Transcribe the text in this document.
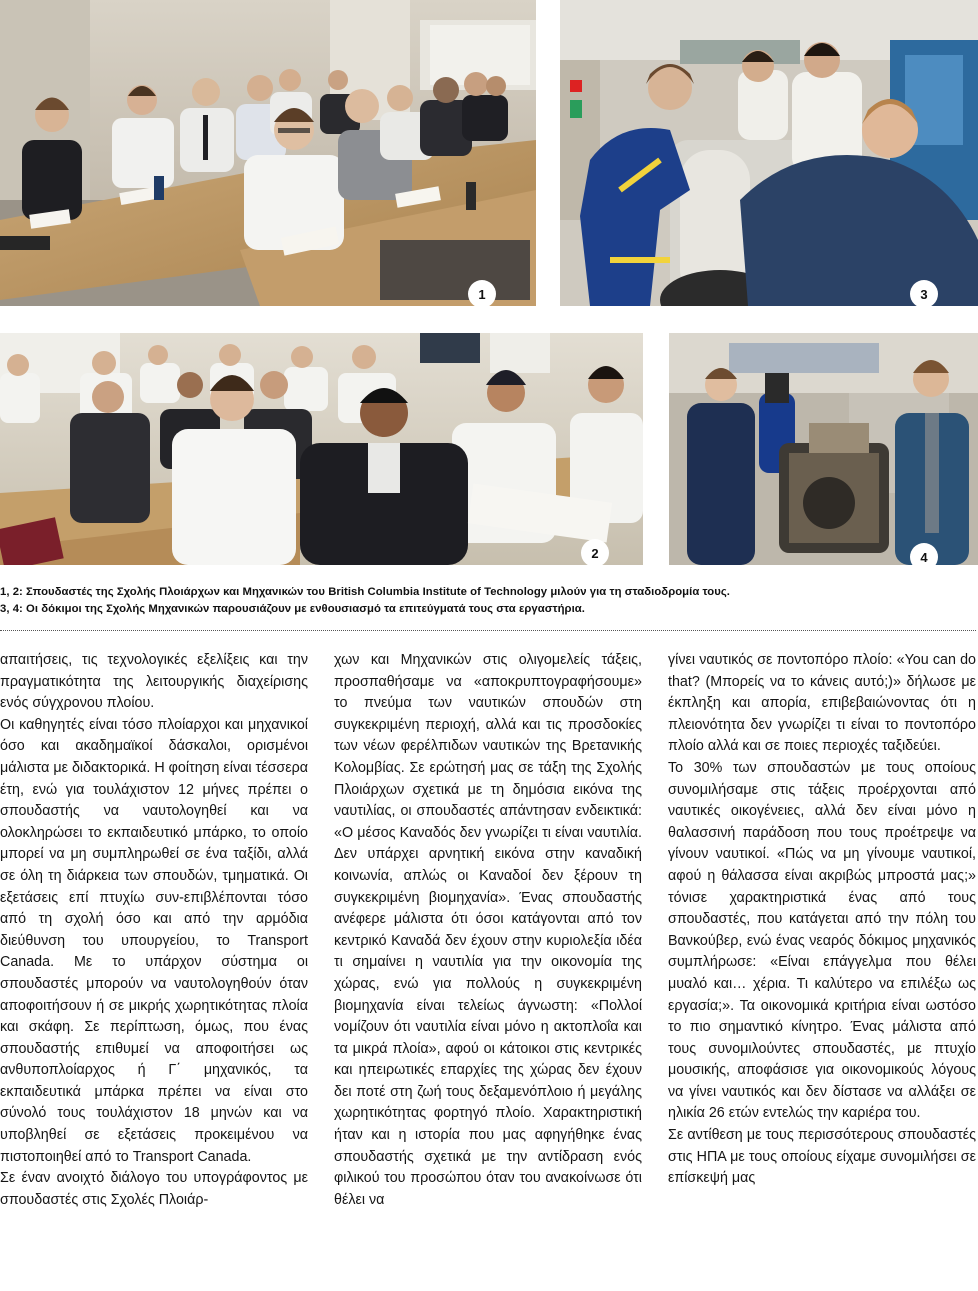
1	3
2	4
1, 2: Σπουδαστές της Σχολής Πλοιάρχων και Μηχανικών του British Columbia Institute of Technology μιλούν για τη σταδιοδρομία τους.
3, 4: Οι δόκιμοι της Σχολής Μηχανικών παρουσιάζουν με ενθουσιασμό τα επιτεύγματά τους στα εργαστήρια.

απαιτήσεις, τις τεχνολογικές εξελίξεις και την πραγματικότητα της λειτουργικής διαχείρισης ενός σύγχρονου πλοίου.

Οι καθηγητές είναι τόσο πλοίαρχοι και μηχανικοί όσο και ακαδημαϊκοί δάσκαλοι, ορισμένοι μάλιστα με διδακτορικά. Η φοίτηση είναι τέσσερα έτη, ενώ για τουλάχιστον 12 μήνες πρέπει ο σπουδαστής να ναυτολογηθεί και να ολοκληρώσει το εκπαιδευτικό μπάρκο, το οποίο μπορεί να μη συμπληρωθεί σε ένα ταξίδι, αλλά σε όλη τη διάρκεια των σπουδών, τμηματικά. Οι εξετάσεις επί πτυχίω συν-επιβλέπονται τόσο από τη σχολή όσο και από την αρμόδια διεύθυνση του υπουργείου, το Transport Canada. Με το υπάρχον σύστημα οι σπουδαστές μπορούν να ναυτολογηθούν όταν αποφοιτήσουν ή σε μικρής χωρητικότητας πλοία και σκάφη. Σε περίπτωση, όμως, που ένας σπουδαστής επιθυμεί να αποφοιτήσει ως ανθυποπλοίαρχος ή Γ΄ μηχανικός, τα εκπαιδευτικά μπάρκα πρέπει να είναι στο σύνολό τους τουλάχιστον 18 μηνών και να υποβληθεί σε εξετάσεις προκειμένου να πιστοποιηθεί από το Transport Canada.

Σε έναν ανοιχτό διάλογο του υπογράφοντος με σπουδαστές στις Σχολές Πλοιάρ-

χων και Μηχανικών στις ολιγομελείς τάξεις, προσπαθήσαμε να «αποκρυπτογραφήσουμε» το πνεύμα των ναυτικών σπουδών στη συγκεκριμένη περιοχή, αλλά και τις προσδοκίες των νέων φερέλπιδων ναυτικών της Βρετανικής Κολομβίας. Σε ερώτησή μας σε τάξη της Σχολής Πλοιάρχων σχετικά με τη δημόσια εικόνα της ναυτιλίας, οι σπουδαστές απάντησαν ενδεικτικά: «Ο μέσος Καναδός δεν γνωρίζει τι είναι ναυτιλία. Δεν υπάρχει αρνητική εικόνα στην καναδική κοινωνία, απλώς οι Καναδοί δεν ξέρουν τη συγκεκριμένη βιομηχανία». Ένας σπουδαστής ανέφερε μάλιστα ότι όσοι κατάγονται από τον κεντρικό Καναδά δεν έχουν στην κυριολεξία ιδέα τι σημαίνει η ναυτιλία για την οικονομία της χώρας, ενώ για πολλούς η συγκεκριμένη βιομηχανία είναι τελείως άγνωστη: «Πολλοί νομίζουν ότι ναυτιλία είναι μόνο η ακτοπλοΐα και τα μικρά πλοία», αφού οι κάτοικοι στις κεντρικές και ηπειρωτικές επαρχίες της χώρας δεν έχουν δει ποτέ στη ζωή τους δεξαμενόπλοιο ή μεγάλης χωρητικότητας φορτηγό πλοίο. Χαρακτηριστική ήταν και η ιστορία που μας αφηγήθηκε ένας σπουδαστής σχετικά με την αντίδραση ενός φιλικού του προσώπου όταν του ανακοίνωσε ότι θέλει να

γίνει ναυτικός σε ποντοπόρο πλοίο: «You can do that? (Μπορείς να το κάνεις αυτό;)» δήλωσε με έκπληξη και απορία, επιβεβαιώνοντας ότι η πλειονότητα δεν γνωρίζει τι είναι το ποντοπόρο πλοίο αλλά και σε ποιες περιοχές ταξιδεύει.

Το 30% των σπουδαστών με τους οποίους συνομιλήσαμε στις τάξεις προέρχονται από ναυτικές οικογένειες, αλλά δεν είναι μόνο η θαλασσινή παράδοση που τους προέτρεψε να γίνουν ναυτικοί. «Πώς να μη γίνουμε ναυτικοί, αφού η θάλασσα είναι ακριβώς μπροστά μας;» τόνισε χαρακτηριστικά ένας από τους σπουδαστές, που κατάγεται από την πόλη του Βανκούβερ, ενώ ένας νεαρός δόκιμος μηχανικός συμπλήρωσε: «Είναι επάγγελμα που θέλει μυαλό και… χέρια. Τι καλύτερο να επιλέξω ως εργασία;». Τα οικονομικά κριτήρια είναι ωστόσο το πιο σημαντικό κίνητρο. Ένας μάλιστα από τους συνομιλούντες σπουδαστές, με πτυχίο μουσικής, αποφάσισε για οικονομικούς λόγους να γίνει ναυτικός και δεν δίστασε να αλλάξει σε ηλικία 26 ετών εντελώς την καριέρα του.

Σε αντίθεση με τους περισσότερους σπουδαστές στις ΗΠΑ με τους οποίους είχαμε συνομιλήσει σε επίσκεψή μας
